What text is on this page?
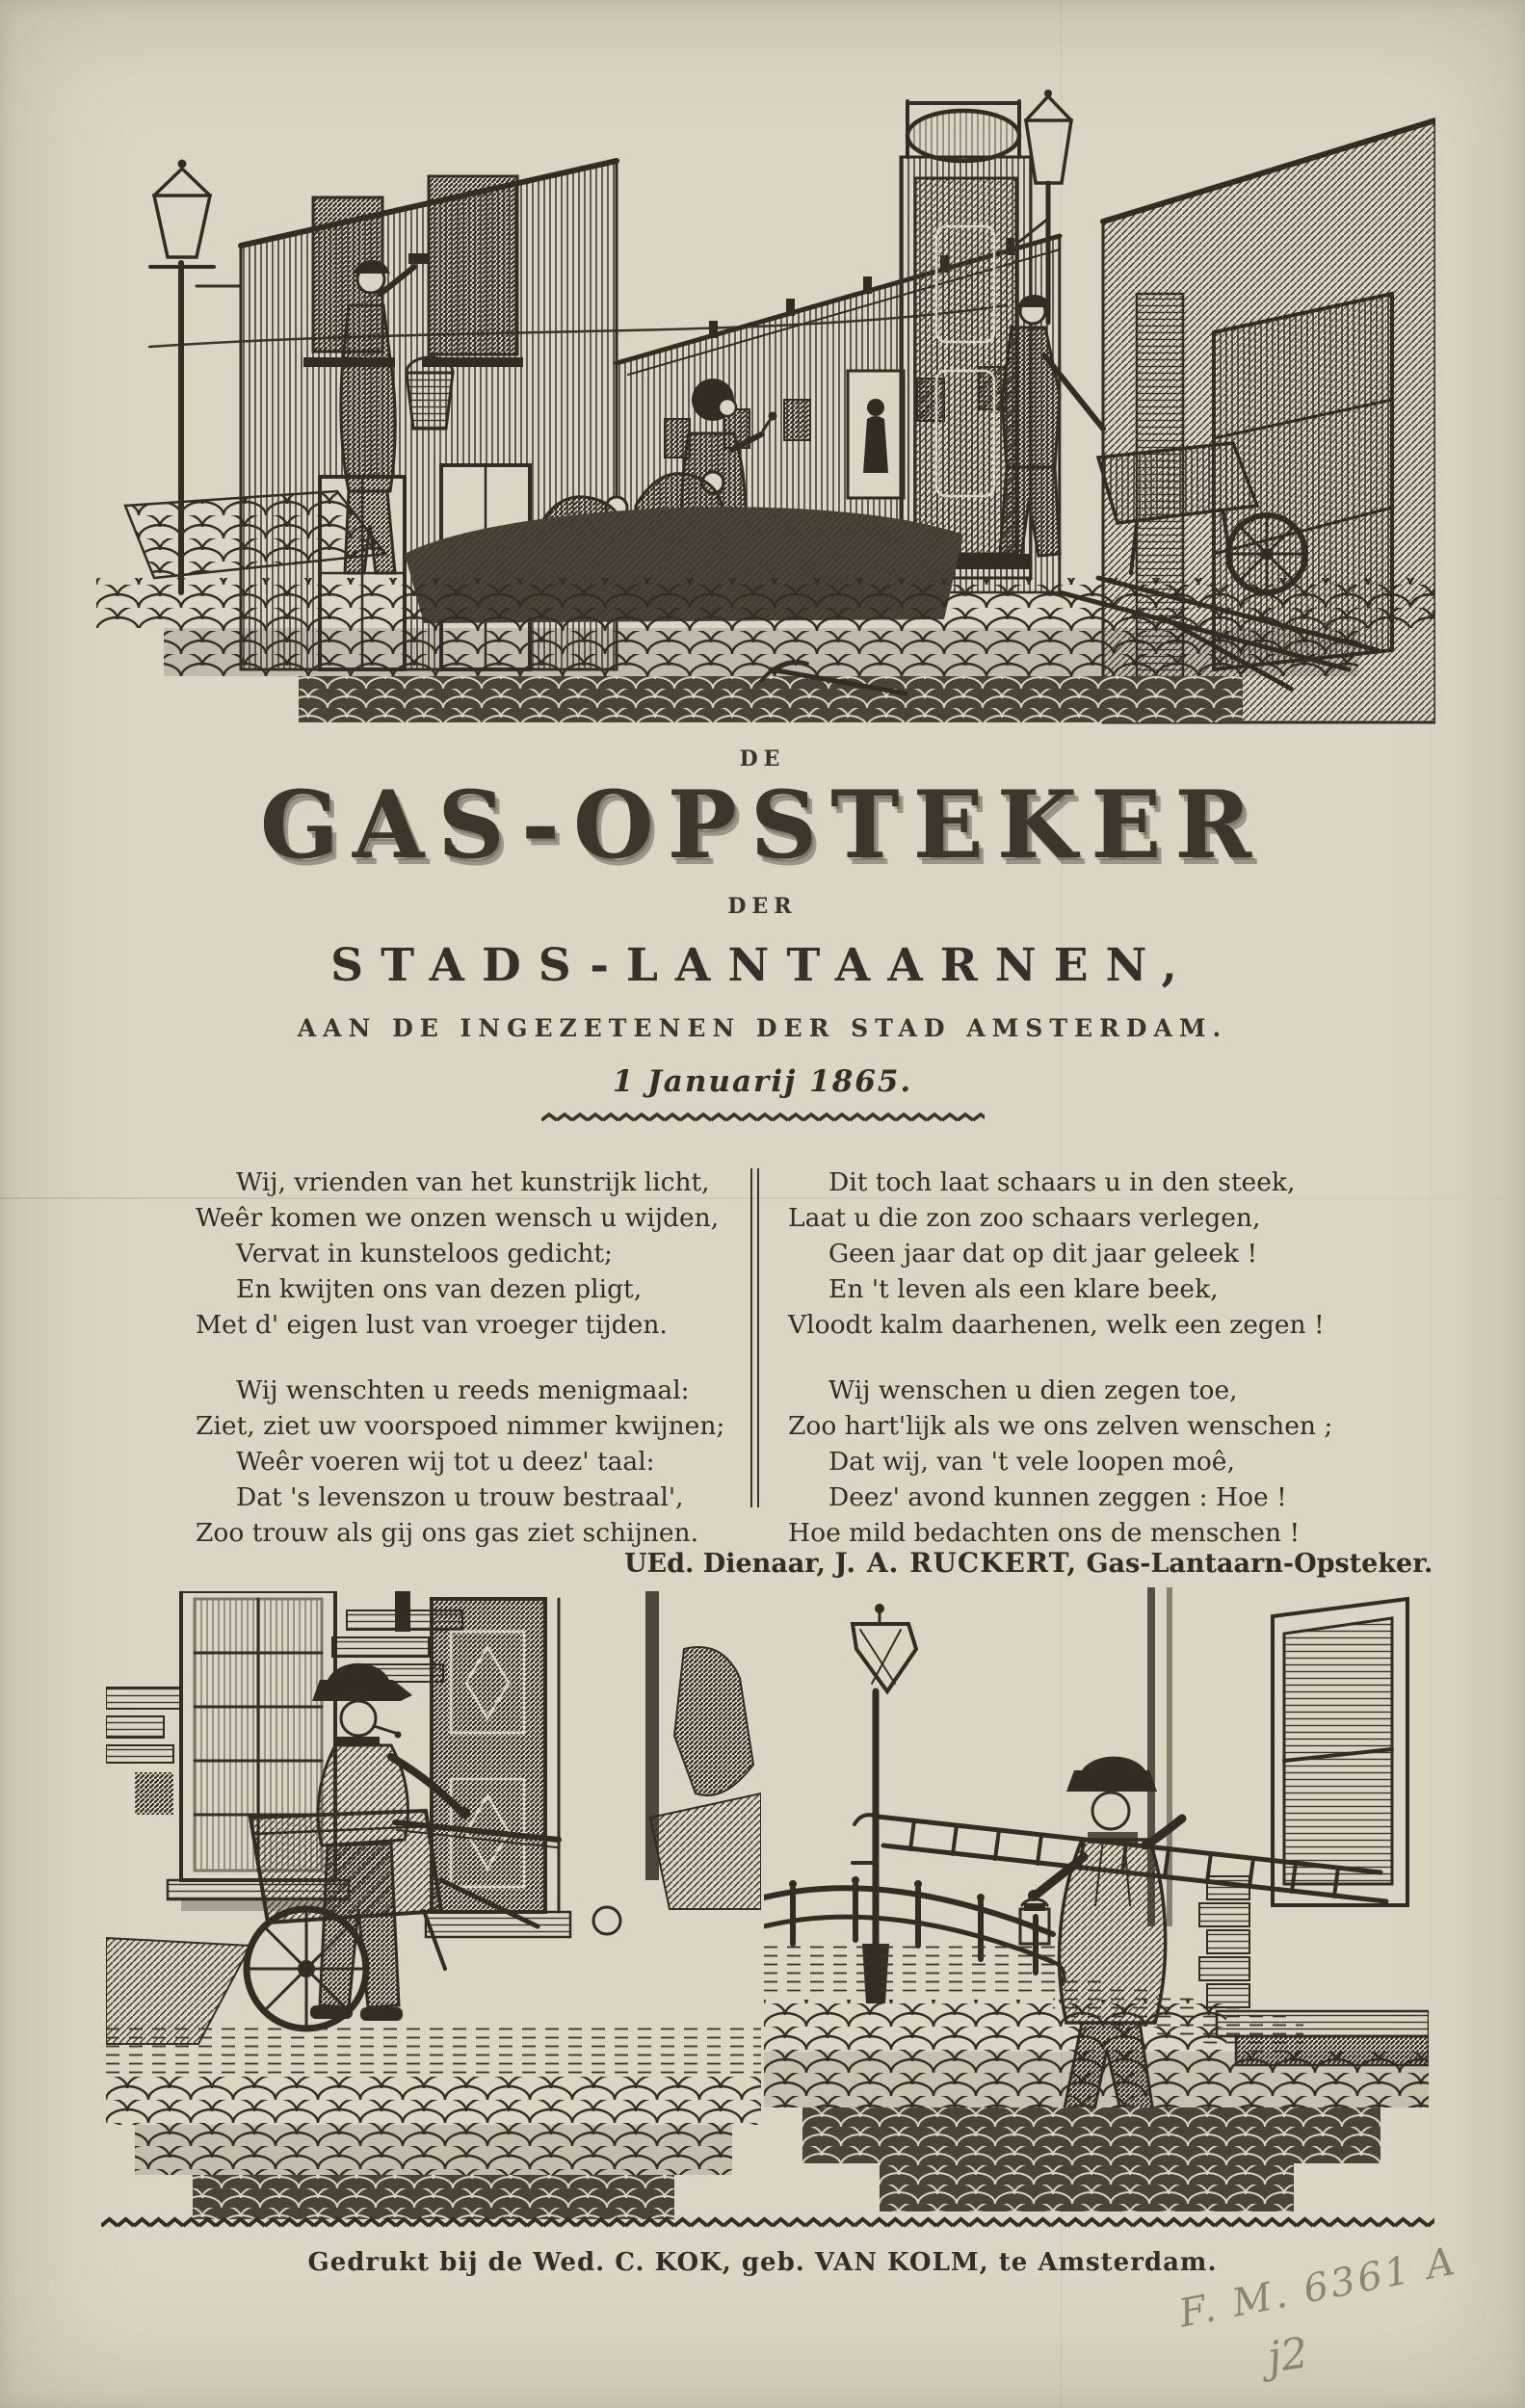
DE
GAS-OPSTEKER
DER
STADS-LANTAARNEN,
AAN DE INGEZETENEN DER STAD AMSTERDAM.
1 Januarij 1865.
Wij, vrienden van het kunstrijk licht,
Weêr komen we onzen wensch u wijden,
Vervat in kunsteloos gedicht;
En kwijten ons van dezen pligt,
Met d' eigen lust van vroeger tijden.
Wij wenschten u reeds menigmaal:
Ziet, ziet uw voorspoed nimmer kwijnen;
Weêr voeren wij tot u deez' taal:
Dat 's levenszon u trouw bestraal',
Zoo trouw als gij ons gas ziet schijnen.
Dit toch laat schaars u in den steek,
Laat u die zon zoo schaars verlegen,
Geen jaar dat op dit jaar geleek !
En 't leven als een klare beek,
Vloodt kalm daarhenen, welk een zegen !
Wij wenschen u dien zegen toe,
Zoo hart'lijk als we ons zelven wenschen ;
Dat wij, van 't vele loopen moê,
Deez' avond kunnen zeggen : Hoe !
Hoe mild bedachten ons de menschen !
UEd. Dienaar, J. A. RUCKERT, Gas-Lantaarn-Opsteker.
Gedrukt bij de Wed. C. KOK, geb. VAN KOLM, te Amsterdam.
F. M. 6361 A
j2
